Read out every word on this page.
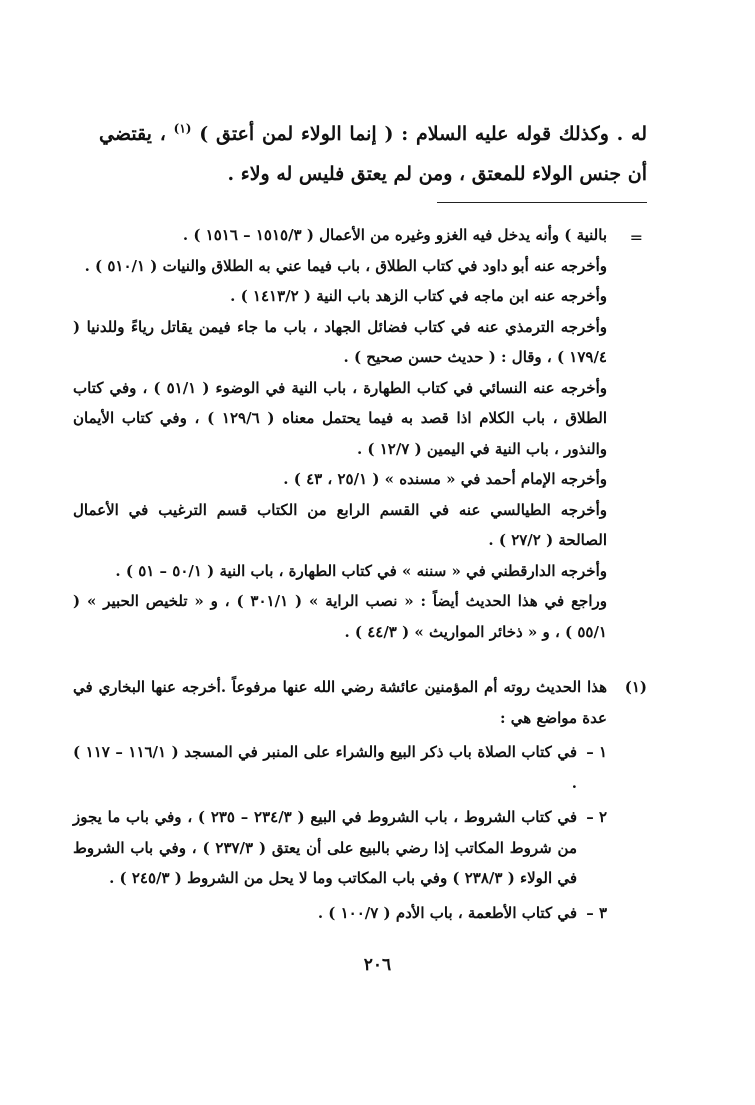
له . وكذلك قوله عليه السلام : ( إنما الولاء لمن أعتق ) $^{(١)}$ ، يقتضي أن جنس الولاء للمعتق ، ومن لم يعتق فليس له ولاء .

=
بالنية ) وأنه يدخل فيه الغزو وغيره من الأعمال ( ١٥١٥/٣ – ١٥١٦ ) .
وأخرجه عنه أبو داود في كتاب الطلاق ، باب فيما عني به الطلاق والنيات ( ٥١٠/١ ) .
وأخرجه عنه ابن ماجه في كتاب الزهد باب النية ( ١٤١٣/٢ ) .
وأخرجه الترمذي عنه في كتاب فضائل الجهاد ، باب ما جاء فيمن يقاتل رياءً وللدنيا ( ١٧٩/٤ ) ، وقال : ( حديث حسن صحيح ) .
وأخرجه عنه النسائي في كتاب الطهارة ، باب النية في الوضوء ( ٥١/١ ) ، وفي كتاب الطلاق ، باب الكلام اذا قصد به فيما يحتمل معناه ( ١٢٩/٦ ) ، وفي كتاب الأيمان والنذور ، باب النية في اليمين ( ١٢/٧ ) .
وأخرجه الإمام أحمد في « مسنده » ( ٢٥/١ ، ٤٣ ) .
وأخرجه الطيالسي عنه في القسم الرابع من الكتاب قسم الترغيب في الأعمال الصالحة ( ٢٧/٢ ) .
وأخرجه الدارقطني في « سننه » في كتاب الطهارة ، باب النية ( ٥٠/١ – ٥١ ) .
وراجع في هذا الحديث أيضاً : « نصب الراية » ( ٣٠١/١ ) ، و « تلخيص الحبير » ( ٥٥/١ ) ، و « ذخائر المواريث » ( ٤٤/٣ ) .
(١)
هذا الحديث روته أم المؤمنين عائشة رضي الله عنها مرفوعاً .أخرجه عنها البخاري في عدة مواضع هي :
١ –
في كتاب الصلاة باب ذكر البيع والشراء على المنبر في المسجد ( ١١٦/١ – ١١٧ ) .
٢ –
في كتاب الشروط ، باب الشروط في البيع ( ٢٣٤/٣ – ٢٣٥ ) ، وفي باب ما يجوز من شروط المكاتب إذا رضي بالبيع على أن يعتق ( ٢٣٧/٣ ) ، وفي باب الشروط في الولاء ( ٢٣٨/٣ ) وفي باب المكاتب وما لا يحل من الشروط ( ٢٤٥/٣ ) .
٣ –
في كتاب الأطعمة ، باب الأدم ( ١٠٠/٧ ) .
٢٠٦
